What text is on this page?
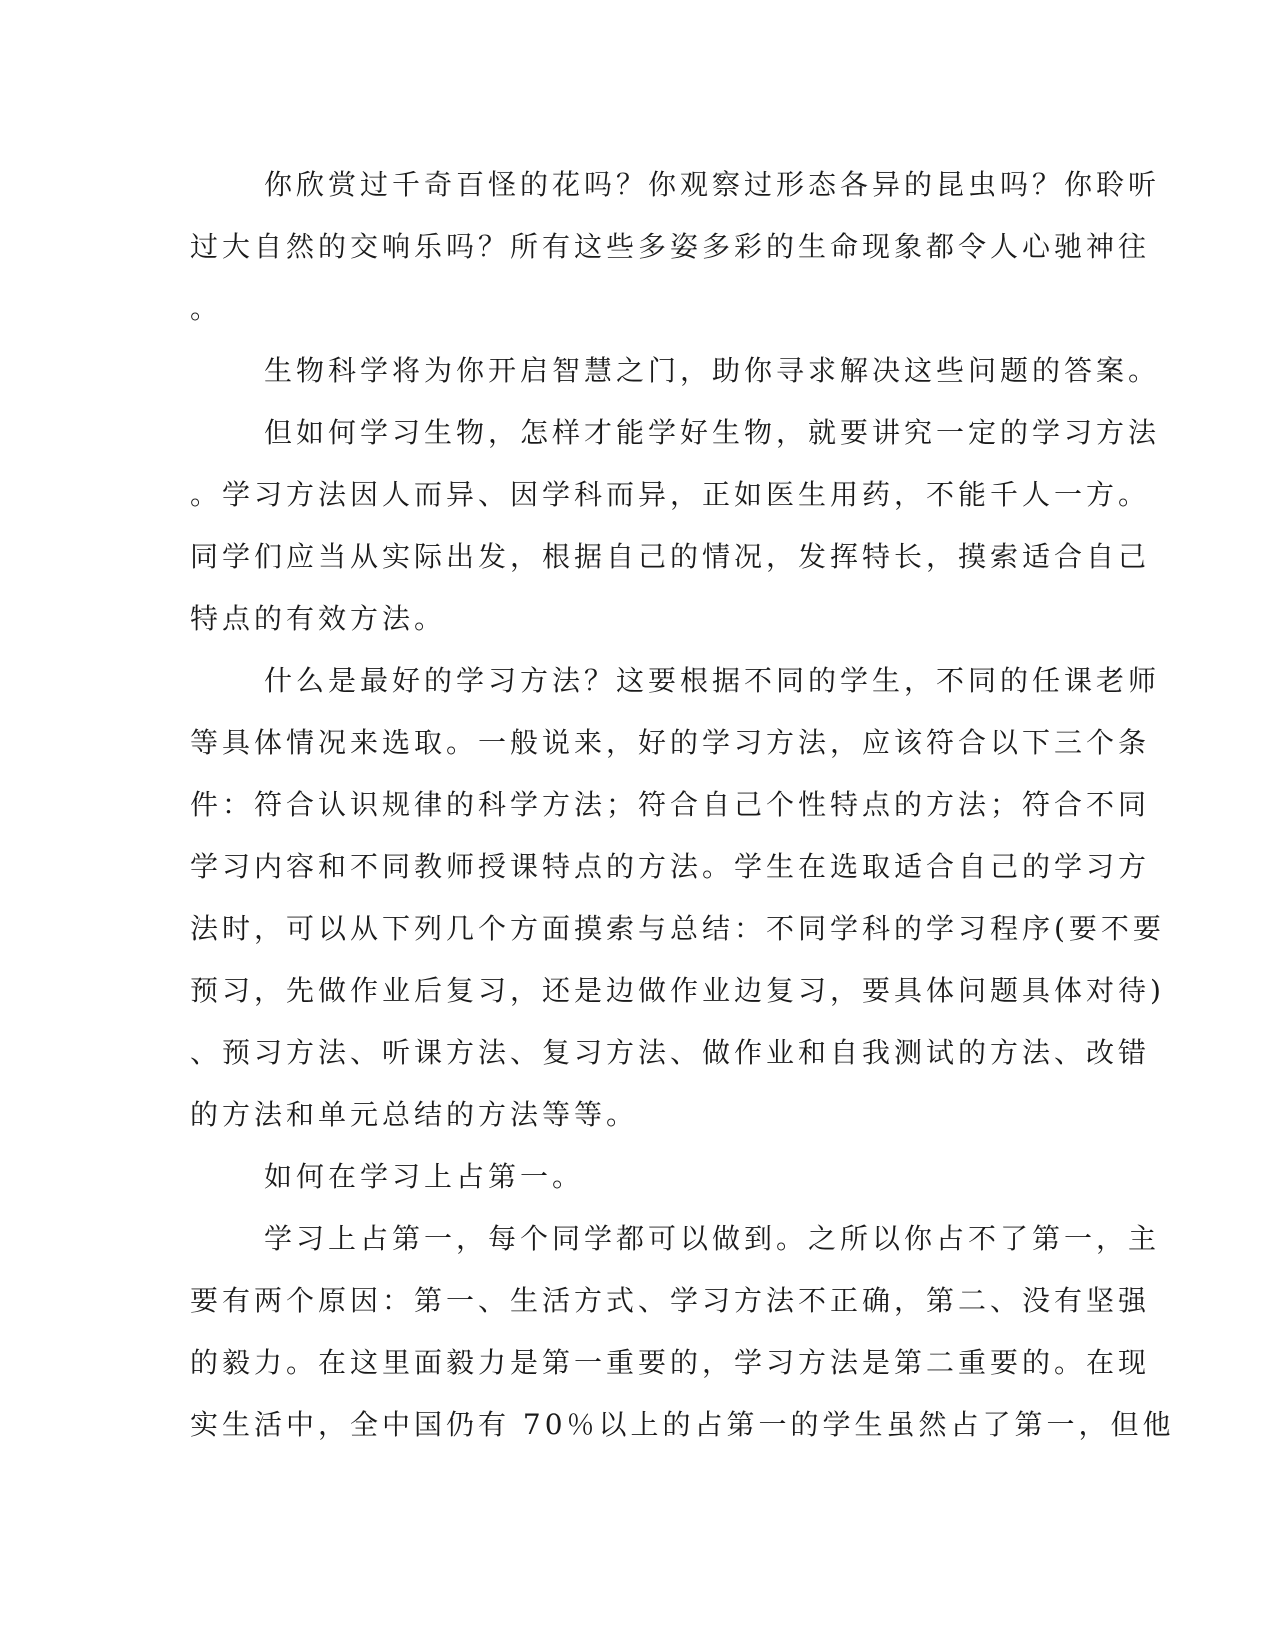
你欣赏过千奇百怪的花吗？你观察过形态各异的昆虫吗？你聆听
过大自然的交响乐吗？所有这些多姿多彩的生命现象都令人心驰神往
。
生物科学将为你开启智慧之门，助你寻求解决这些问题的答案。
但如何学习生物，怎样才能学好生物，就要讲究一定的学习方法
。学习方法因人而异、因学科而异，正如医生用药，不能千人一方。
同学们应当从实际出发，根据自己的情况，发挥特长，摸索适合自己
特点的有效方法。
什么是最好的学习方法？这要根据不同的学生，不同的任课老师
等具体情况来选取。一般说来，好的学习方法，应该符合以下三个条
件：符合认识规律的科学方法；符合自己个性特点的方法；符合不同
学习内容和不同教师授课特点的方法。学生在选取适合自己的学习方
法时，可以从下列几个方面摸索与总结：不同学科的学习程序(要不要
预习，先做作业后复习，还是边做作业边复习，要具体问题具体对待)
、预习方法、听课方法、复习方法、做作业和自我测试的方法、改错
的方法和单元总结的方法等等。
如何在学习上占第一。
学习上占第一，每个同学都可以做到。之所以你占不了第一，主
要有两个原因：第一、生活方式、学习方法不正确，第二、没有坚强
的毅力。在这里面毅力是第一重要的，学习方法是第二重要的。在现
实生活中，全中国仍有 70％以上的占第一的学生虽然占了第一，但他
